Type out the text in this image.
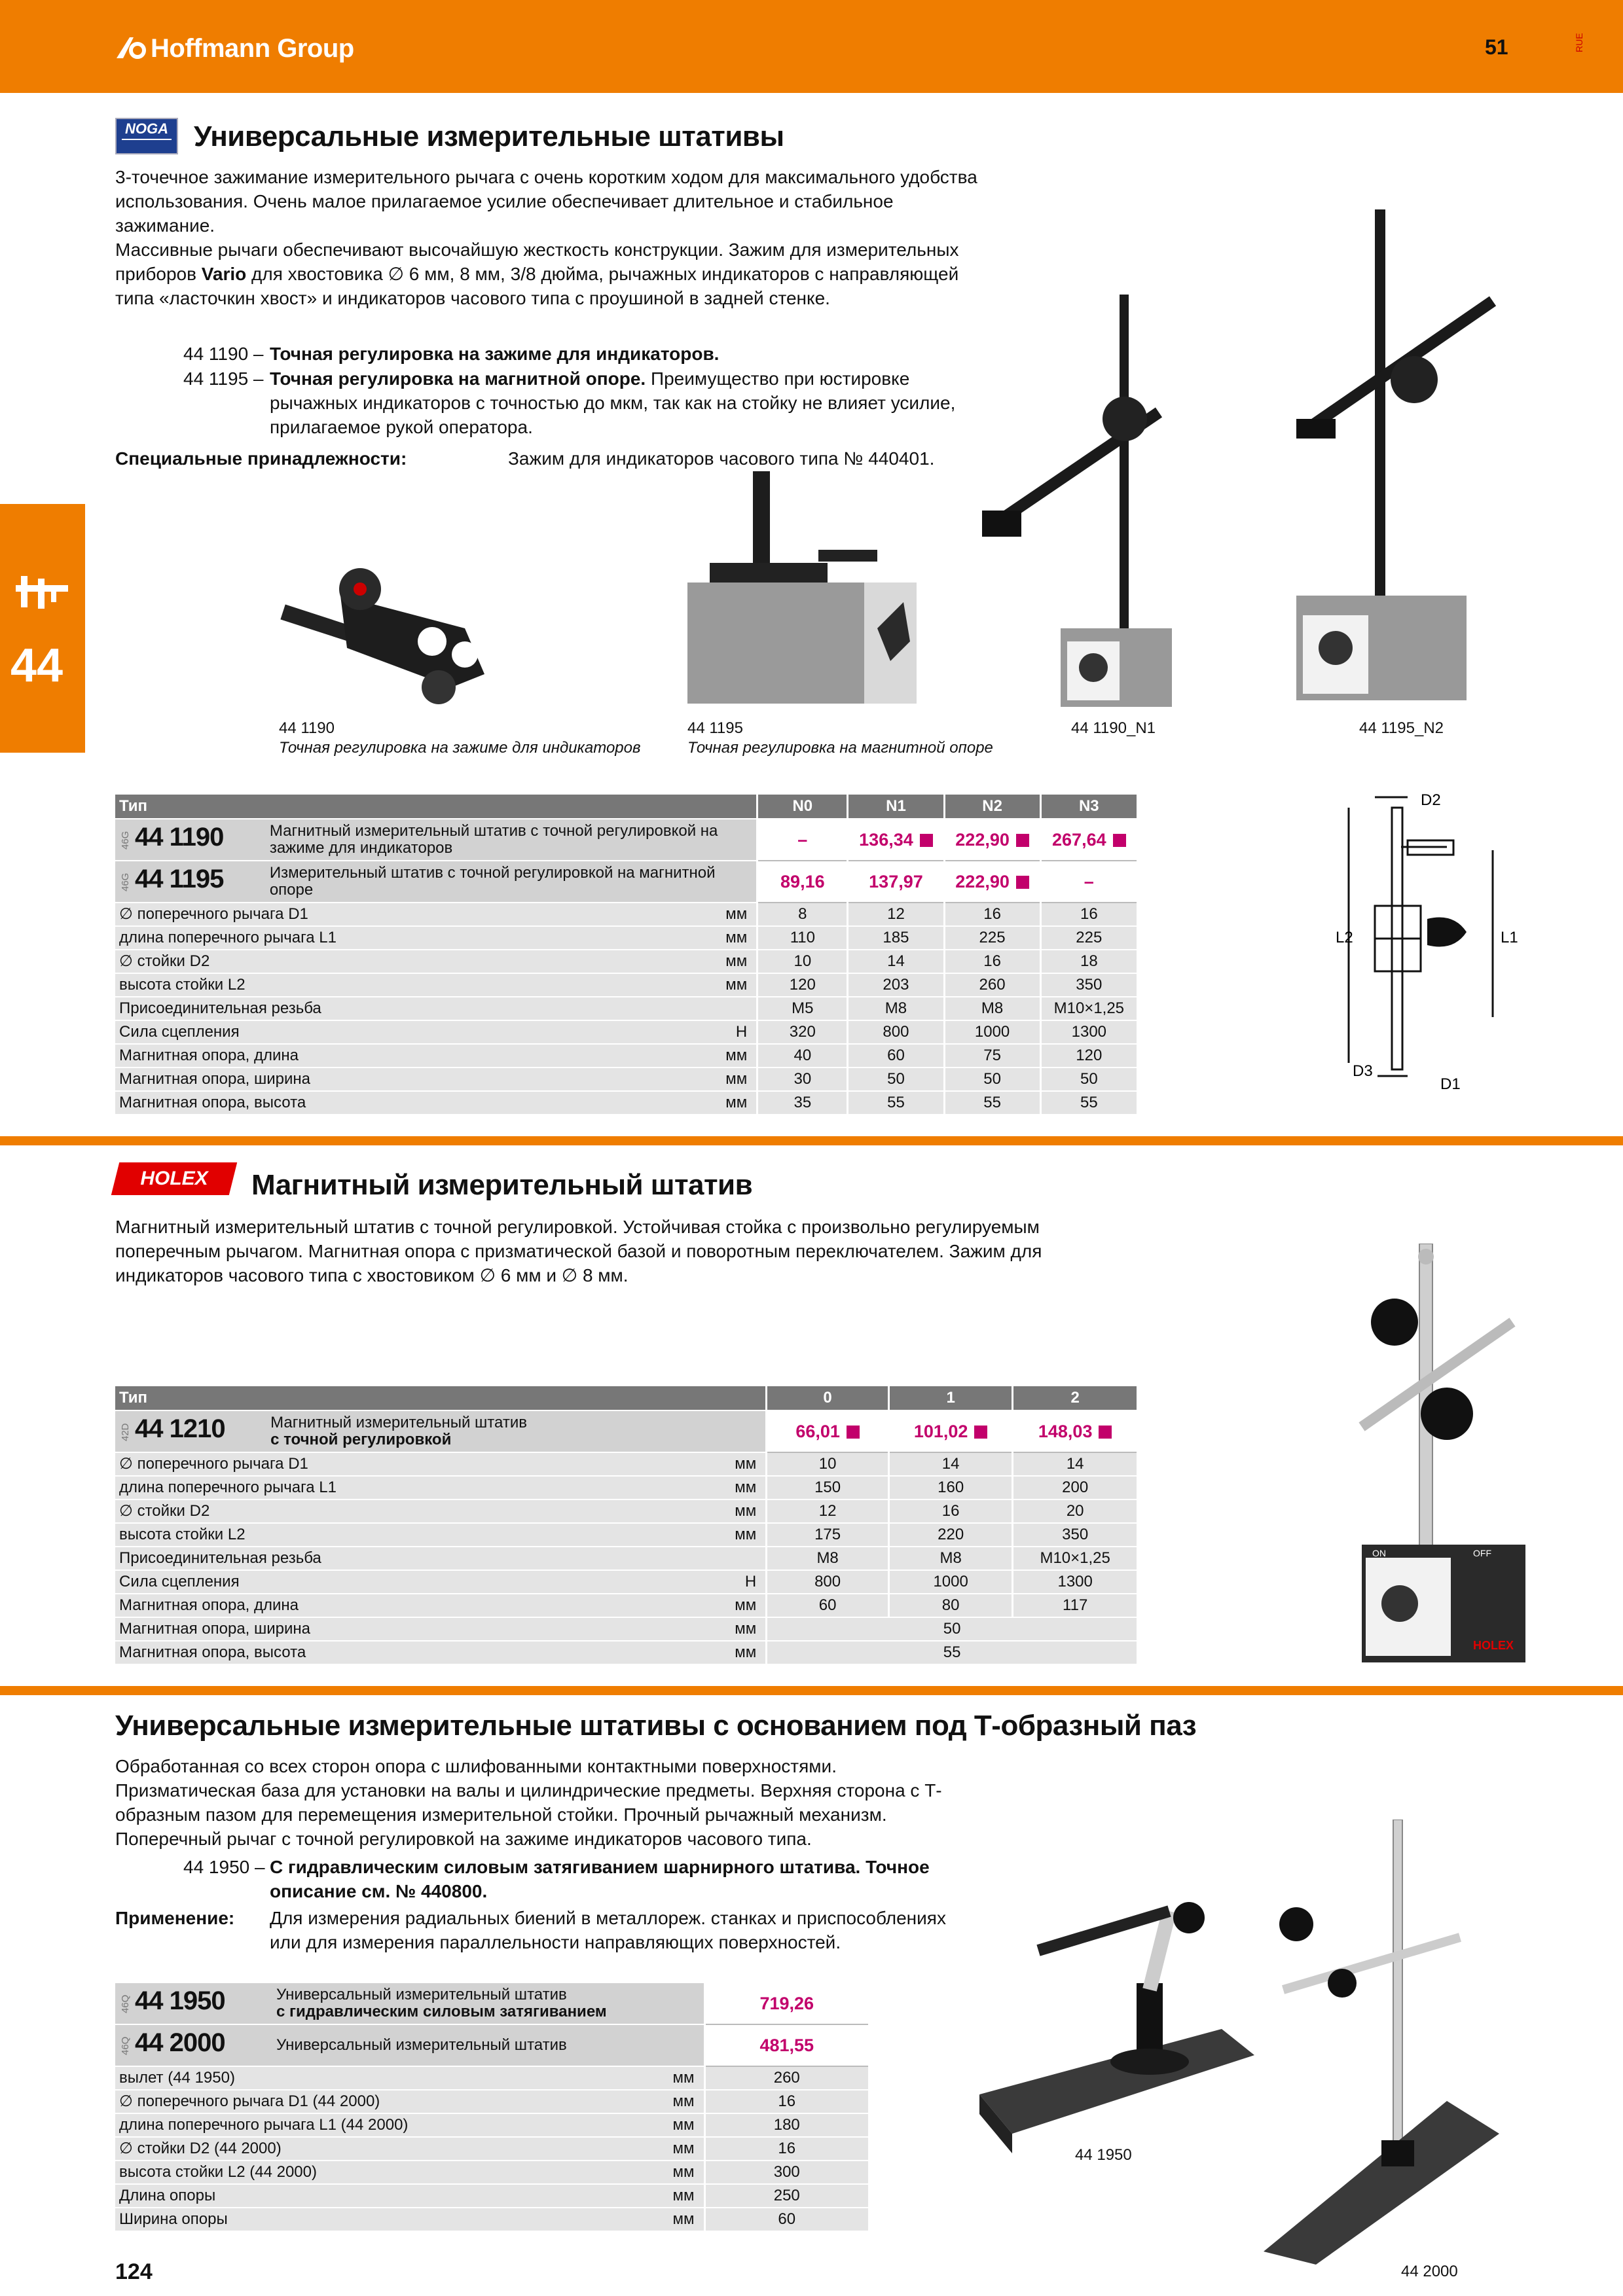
Hoffmann Group	51	RUE
44
NOGA Универсальные измерительные штативы
3-точечное зажимание измерительного рычага с очень коротким ходом для максимального удобства использования. Очень малое прилагаемое усилие обеспечивает длительное и стабильное зажимание.
Массивные рычаги обеспечивают высочайшую жесткость конструкции. Зажим для измерительных приборов Vario для хвостовика ∅ 6 мм, 8 мм, 3/8 дюйма, рычажных индикаторов с направляющей типа «ласточкин хвост» и индикаторов часового типа с проушиной в задней стенке.
44 1190 – Точная регулировка на зажиме для индикаторов.
44 1195 – Точная регулировка на магнитной опоре. Преимущество при юстировке рычажных индикаторов с точностью до мкм, так как на стойку не влияет усилие, прилагаемое рукой оператора.
Специальные принадлежности:	Зажим для индикаторов часового типа № 440401.
44 1190
Точная регулировка на зажиме для индикаторов
44 1195
Точная регулировка на магнитной опоре
44 1190_N1	44 1195_N2
Тип			N0	N1	N2	N3
46G 44 1190	Магнитный измерительный штатив с точной регулировкой на зажиме для индикаторов		–	136,34	222,90	267,64
46G 44 1195	Измерительный штатив с точной регулировкой на магнитной опоре		89,16	137,97	222,90	–
∅ поперечного рычага D1		мм	8	12	16	16
длина поперечного рычага L1		мм	110	185	225	225
∅ стойки D2		мм	10	14	16	18
высота стойки L2		мм	120	203	260	350
Присоединительная резьба			M5	M8	M8	M10×1,25
Сила сцепления		Н	320	800	1000	1300
Магнитная опора, длина		мм	40	60	75	120
Магнитная опора, ширина		мм	30	50	50	50
Магнитная опора, высота		мм	35	55	55	55
D2
L2	L1
D3
D1
HOLEX	Магнитный измерительный штатив
Магнитный измерительный штатив с точной регулировкой. Устойчивая стойка с произвольно регулируемым поперечным рычагом. Магнитная опора с призматической базой и поворотным переключателем. Зажим для индикаторов часового типа с хвостовиком ∅ 6 мм и ∅ 8 мм.
ON	OFF
HOLEX
Тип			0	1	2
42D 44 1210	Магнитный измерительный штатив
с точной регулировкой		66,01	101,02	148,03
∅ поперечного рычага D1		мм	10	14	14
длина поперечного рычага L1		мм	150	160	200
∅ стойки D2		мм	12	16	20
высота стойки L2		мм	175	220	350
Присоединительная резьба			M8	M8	M10×1,25
Сила сцепления		Н	800	1000	1300
Магнитная опора, длина		мм	60	80	117
Магнитная опора, ширина		мм	50		
Магнитная опора, высота		мм	55		
Универсальные измерительные штативы с основанием под Т-образный паз
Обработанная со всех сторон опора с шлифованными контактными поверхностями. Призматическая база для установки на валы и цилиндрические предметы. Верхняя сторона с Т-образным пазом для перемещения измерительной стойки. Прочный рычажный механизм. Поперечный рычаг с точной регулировкой на зажиме индикаторов часового типа.
44 1950 – С гидравлическим силовым затягиванием шарнирного штатива. Точное описание см. № 440800.
Применение: Для измерения радиальных биений в металлореж. станках и приспособлениях или для измерения параллельности направляющих поверхностей.
46Q 44 1950	Универсальный измерительный штатив
с гидравлическим силовым затягиванием		719,26
46Q 44 2000	Универсальный измерительный штатив		481,55
вылет (44 1950)		мм	260
∅ поперечного рычага D1 (44 2000)		мм	16
длина поперечного рычага L1 (44 2000)		мм	180
∅ стойки D2 (44 2000)		мм	16
высота стойки L2 (44 2000)		мм	300
Длина опоры		мм	250
Ширина опоры		мм	60
44 1950
44 2000
124
